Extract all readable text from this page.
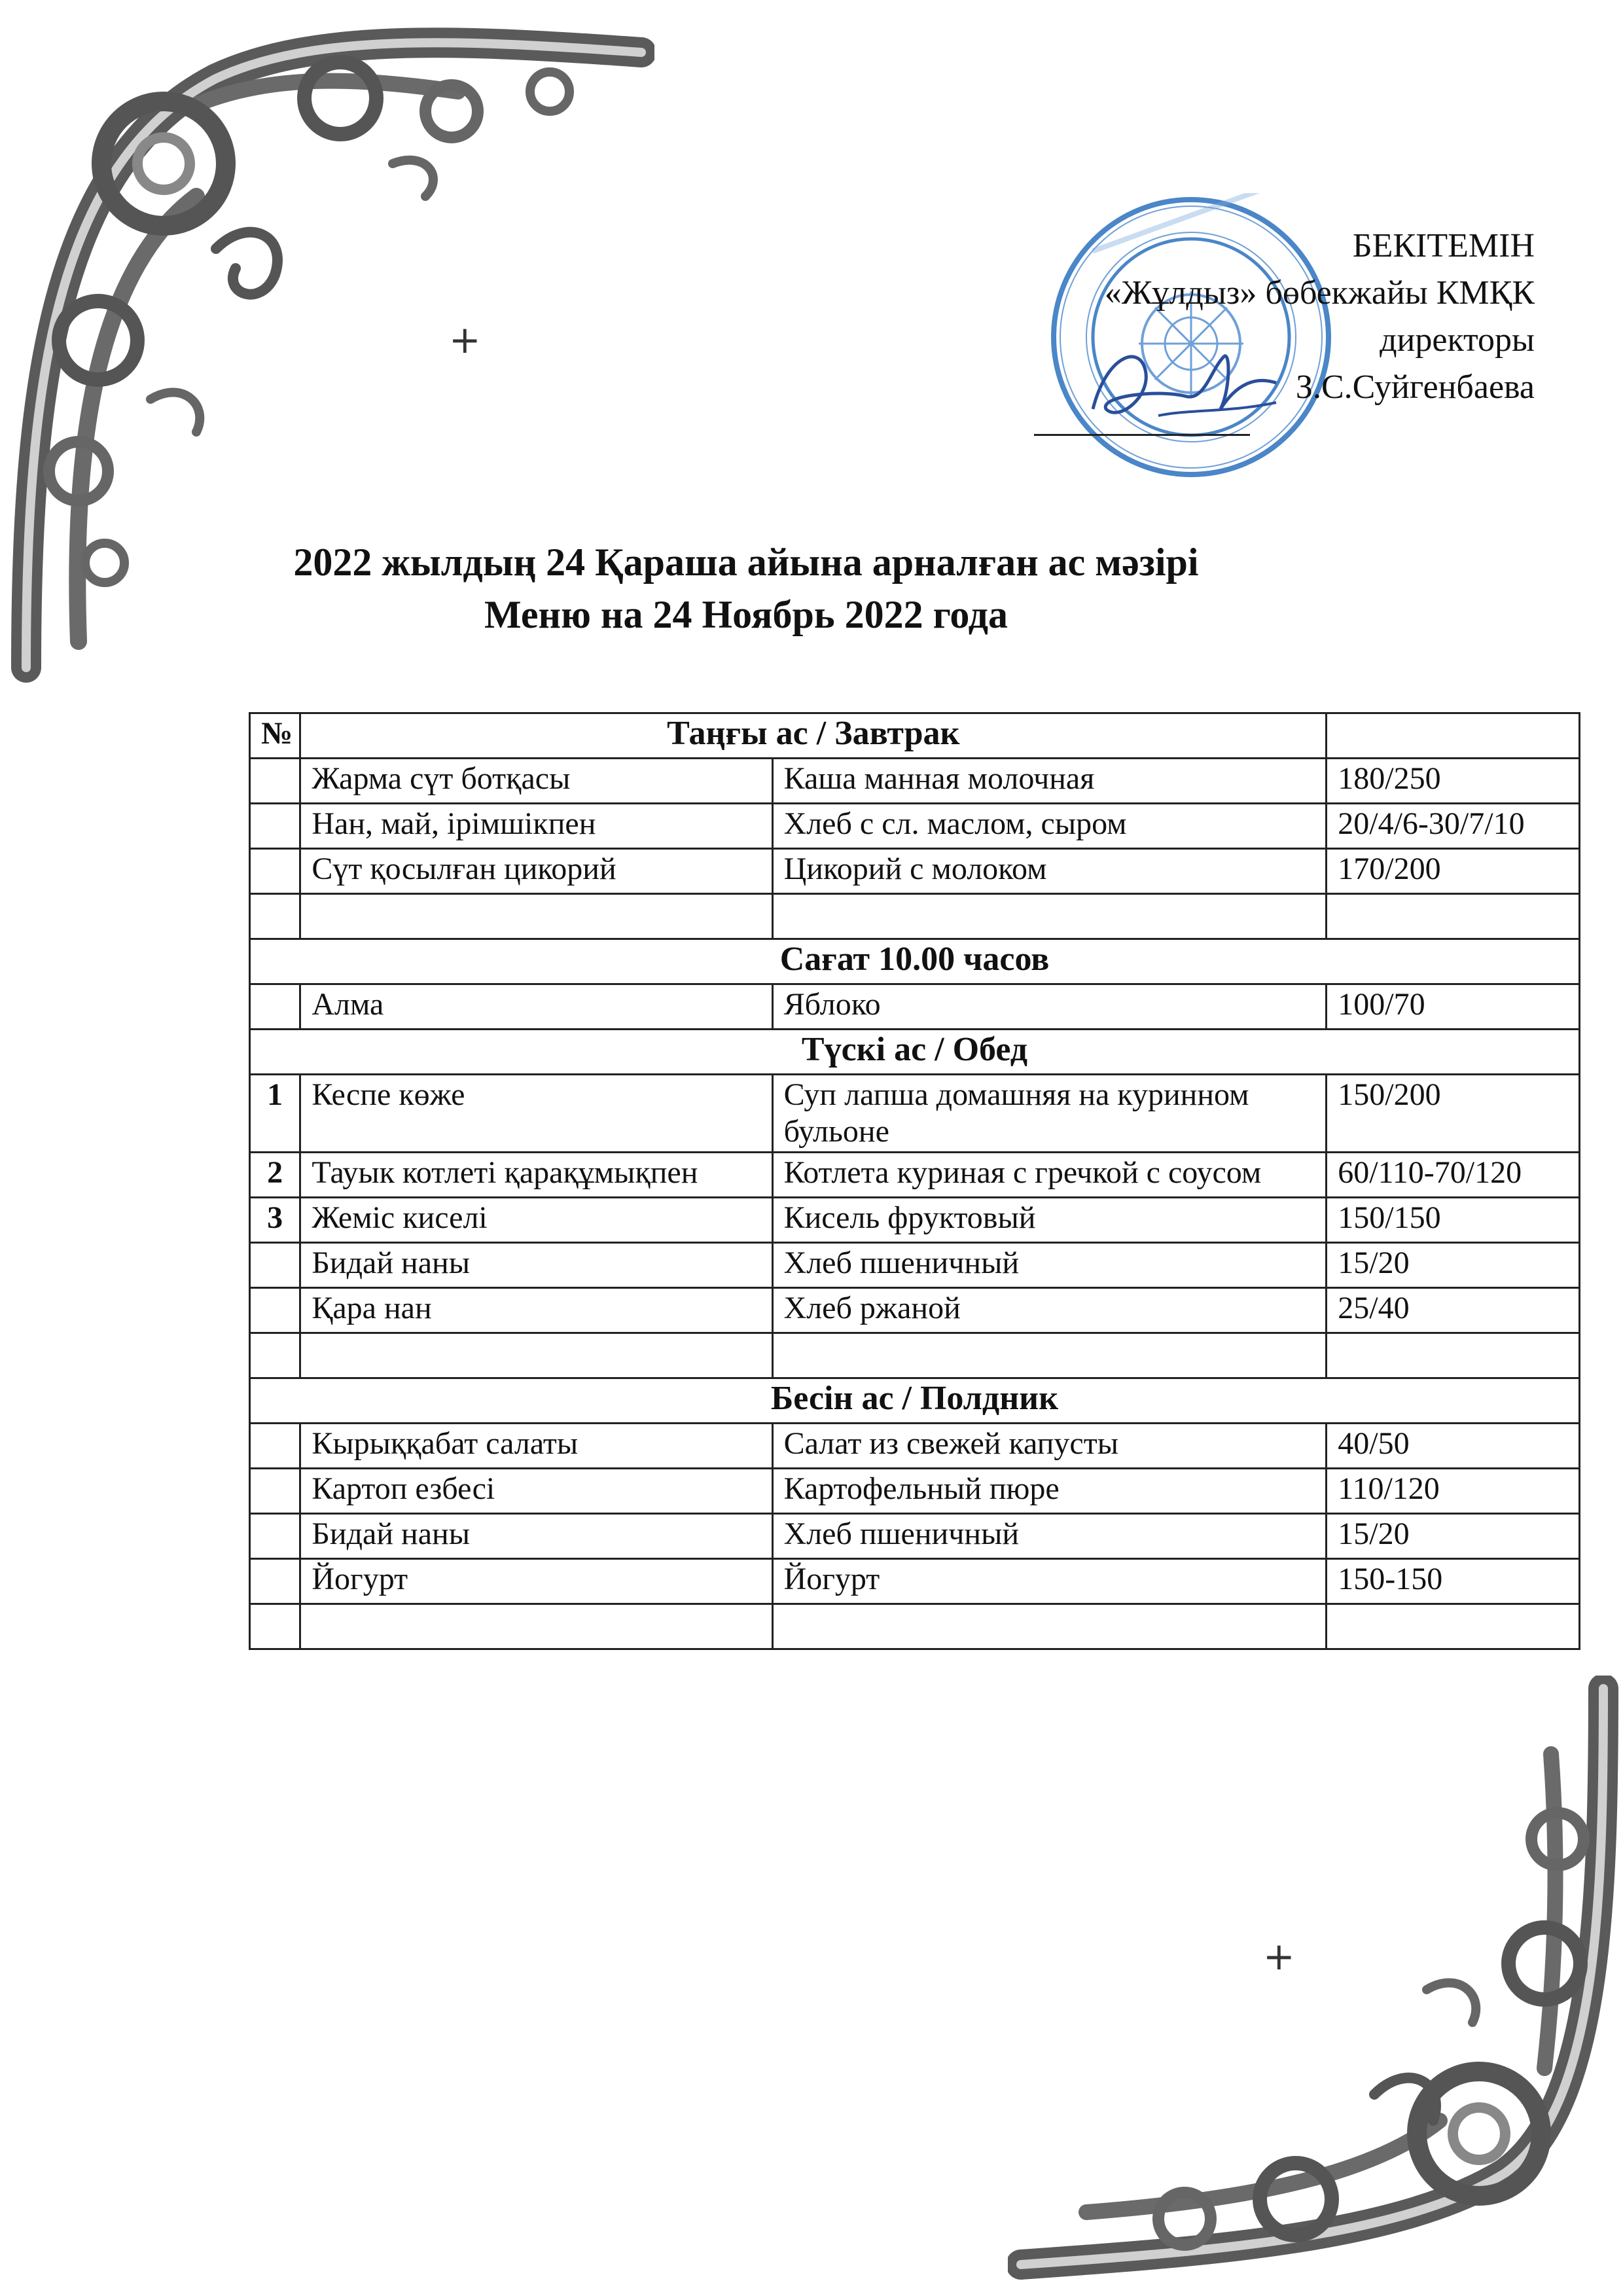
+
+
БЕКІТЕМІН
«Жұлдыз» бөбекжайы КМҚК
директоры
З.С.Суйгенбаева
2022 жылдың 24 Қараша айына арналған ас мәзірі
Меню на 24 Ноябрь 2022 года
№	Таңғы ас / Завтрак		
	Жарма сүт ботқасы	Каша манная молочная	180/250
	Нан, май, ірімшікпен	Хлеб с сл. маслом, сыром	20/4/6-30/7/10
	Сүт қосылған цикорий	Цикорий с молоком	170/200

Сағат 10.00 часов			
	Алма	Яблоко	100/70
Түскі ас / Обед			
1	Кеспе көже	Суп лапша домашняя на куринном бульоне	150/200
2	Тауык котлеті қарақұмықпен	Котлета куриная с гречкой с соусом	60/110-70/120
3	Жеміс киселі	Кисель фруктовый	150/150
	Бидай наны	Хлеб пшеничный	15/20
	Қара нан	Хлеб ржаной	25/40

Бесін ас / Полдник			
	Кырыққабат салаты	Салат из свежей капусты	40/50
	Картоп езбесі	Картофельный пюре	110/120
	Бидай наны	Хлеб пшеничный	15/20
	Йогурт	Йогурт	150-150
